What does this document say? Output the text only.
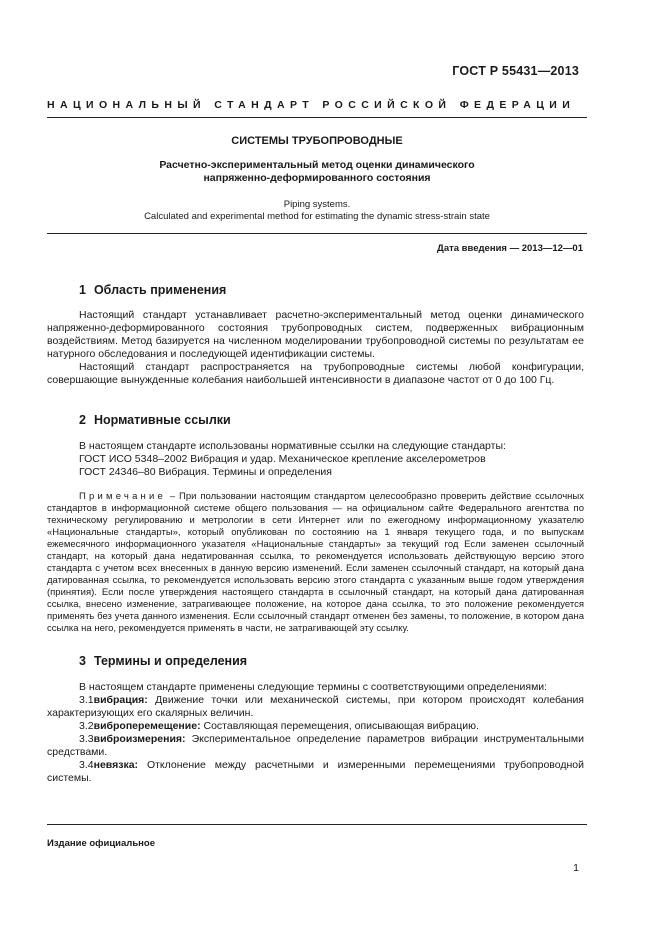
ГОСТ Р 55431—2013
НАЦИОНАЛЬНЫЙ СТАНДАРТ РОССИЙСКОЙ ФЕДЕРАЦИИ
СИСТЕМЫ ТРУБОПРОВОДНЫЕ
Расчетно-экспериментальный метод оценки динамического
напряженно-деформированного состояния
Piping systems.
Calculated and experimental method for estimating the dynamic stress-strain state
Дата введения — 2013—12—01
1 Область применения

Настоящий стандарт устанавливает расчетно-экспериментальный метод оценки динамического напряженно-деформированного состояния трубопроводных систем, подверженных вибрационным воздействиям. Метод базируется на численном моделировании трубопроводной системы по результатам ее натурного обследования и последующей идентификации системы.

Настоящий стандарт распространяется на трубопроводные системы любой конфигурации, совершающие вынужденные колебания наибольшей интенсивности в диапазоне частот от 0 до 100 Гц.

2 Нормативные ссылки

В настоящем стандарте использованы нормативные ссылки на следующие стандарты:

ГОСТ ИСО 5348–2002 Вибрация и удар. Механическое крепление акселерометров

ГОСТ 24346–80 Вибрация. Термины и определения

Примечание – При пользовании настоящим стандартом целесообразно проверить действие ссылочных стандартов в информационной системе общего пользования — на официальном сайте Федерального агентства по техническому регулированию и метрологии в сети Интернет или по ежегодному информационному указателю «Национальные стандарты», который опубликован по состоянию на 1 января текущего года, и по выпускам ежемесячного информационного указателя «Национальные стандарты» за текущий год Если заменен ссылочный стандарт, на который дана недатированная ссылка, то рекомендуется использовать действующую версию этого стандарта с учетом всех внесенных в данную версию изменений. Если заменен ссылочный стандарт, на который дана датированная ссылка, то рекомендуется использовать версию этого стандарта с указанным выше годом утверждения (принятия). Если после утверждения настоящего стандарта в ссылочный стандарт, на который дана датированная ссылка, внесено изменение, затрагивающее положение, на которое дана ссылка, то это положение рекомендуется применять без учета данного изменения. Если ссылочный стандарт отменен без замены, то положение, в котором дана ссылка на него, рекомендуется применять в части, не затрагивающей эту ссылку.

3 Термины и определения

В настоящем стандарте применены следующие термины с соответствующими определениями:

3.1вибрация: Движение точки или механической системы, при котором происходят колебания характеризующих его скалярных величин.

3.2виброперемещение: Составляющая перемещения, описывающая вибрацию.

3.3виброизмерения: Экспериментальное определение параметров вибрации инструментальными средствами.

3.4невязка: Отклонение между расчетными и измеренными перемещениями трубопроводной системы.

Издание официальное
1
